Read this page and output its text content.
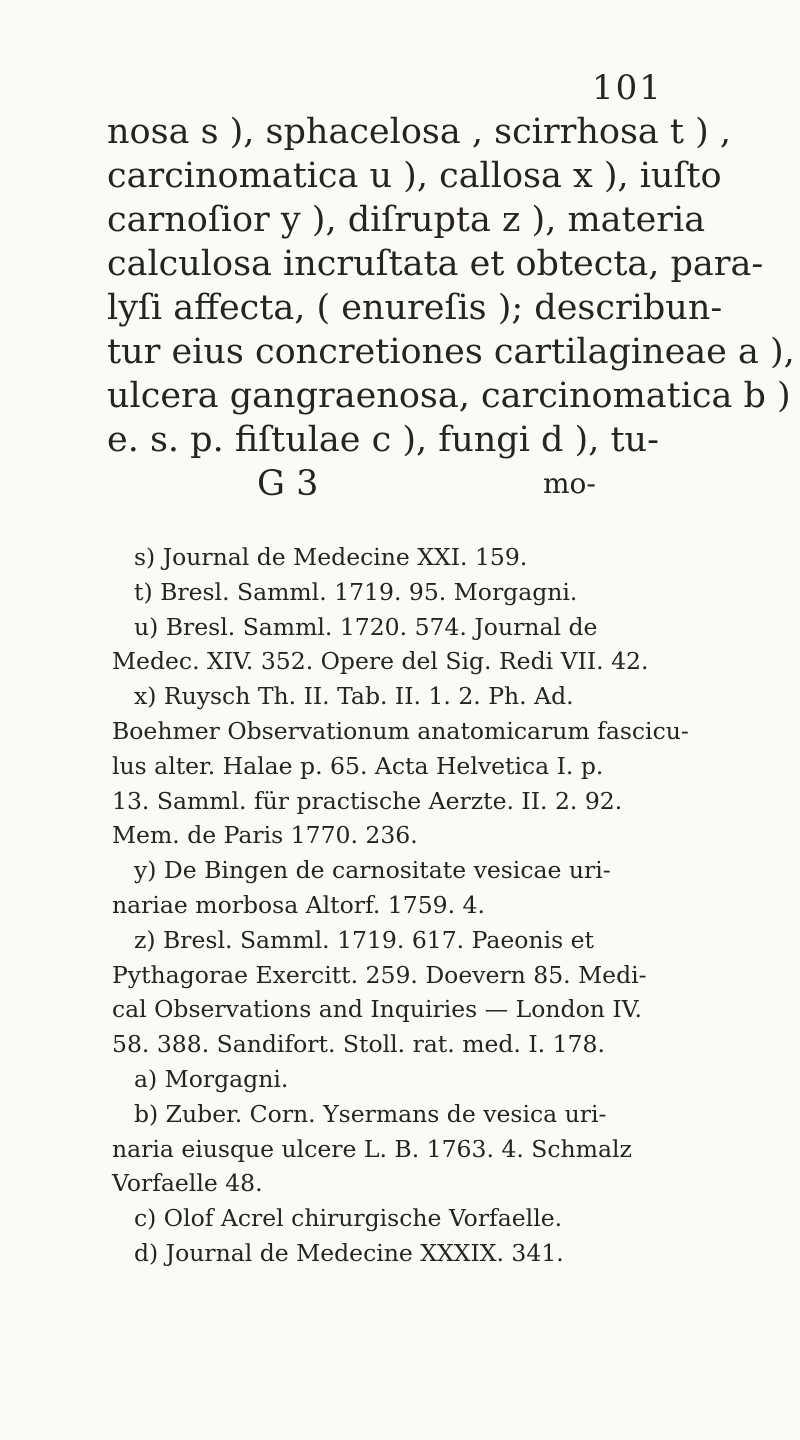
101
nosa s ), sphacelosa , scirrhosa t ) ,
carcinomatica u ), callosa x ), iuſto
carnoſior y ), diſrupta z ), materia
calculosa incruſtata et obtecta, para-
lyſi affecta, ( enureſis ); describun-
tur eius concretiones cartilagineae a ),
ulcera gangraenosa, carcinomatica b )
e. s. p. fiſtulae c ), fungi d ), tu-
G 3	mo-
s) Journal de Medecine XXI. 159.
t) Bresl. Samml. 1719. 95. Morgagni.
u) Bresl. Samml. 1720. 574. Journal de
Medec. XIV. 352. Opere del Sig. Redi VII. 42.
x) Ruysch Th. II. Tab. II. 1. 2. Ph. Ad.
Boehmer Observationum anatomicarum fascicu-
lus alter. Halae p. 65. Acta Helvetica I. p.
13. Samml. für practische Aerzte. II. 2. 92.
Mem. de Paris 1770. 236.
y) De Bingen de carnositate vesicae uri-
nariae morbosa Altorf. 1759. 4.
z) Bresl. Samml. 1719. 617. Paeonis et
Pythagorae Exercitt. 259. Doevern 85. Medi-
cal Observations and Inquiries — London IV.
58. 388. Sandifort. Stoll. rat. med. I. 178.
a) Morgagni.
b) Zuber. Corn. Ysermans de vesica uri-
naria eiusque ulcere L. B. 1763. 4. Schmalz
Vorfaelle 48.
c) Olof Acrel chirurgische Vorfaelle.
d) Journal de Medecine XXXIX. 341.
